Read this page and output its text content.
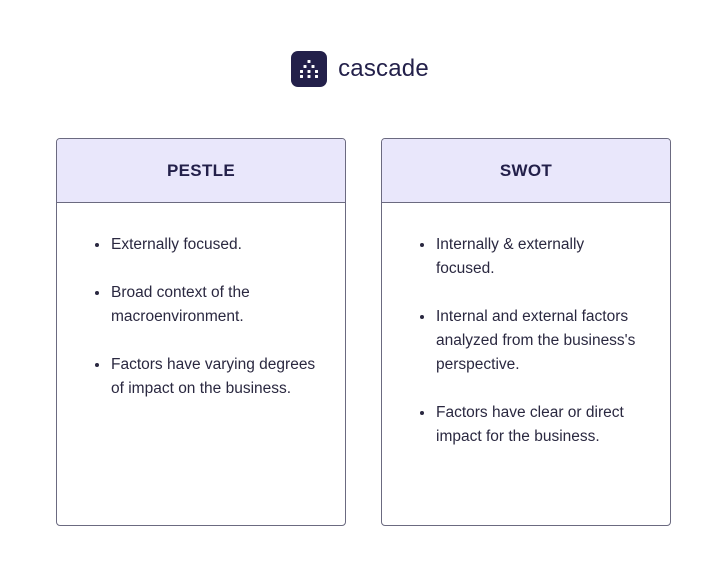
cascade
PESTLE
Externally focused.
Broad context of the macroenvironment.
Factors have varying degrees of impact on the business.
SWOT
Internally & externally focused.
Internal and external factors analyzed from the business's perspective.
Factors have clear or direct impact for the business.
